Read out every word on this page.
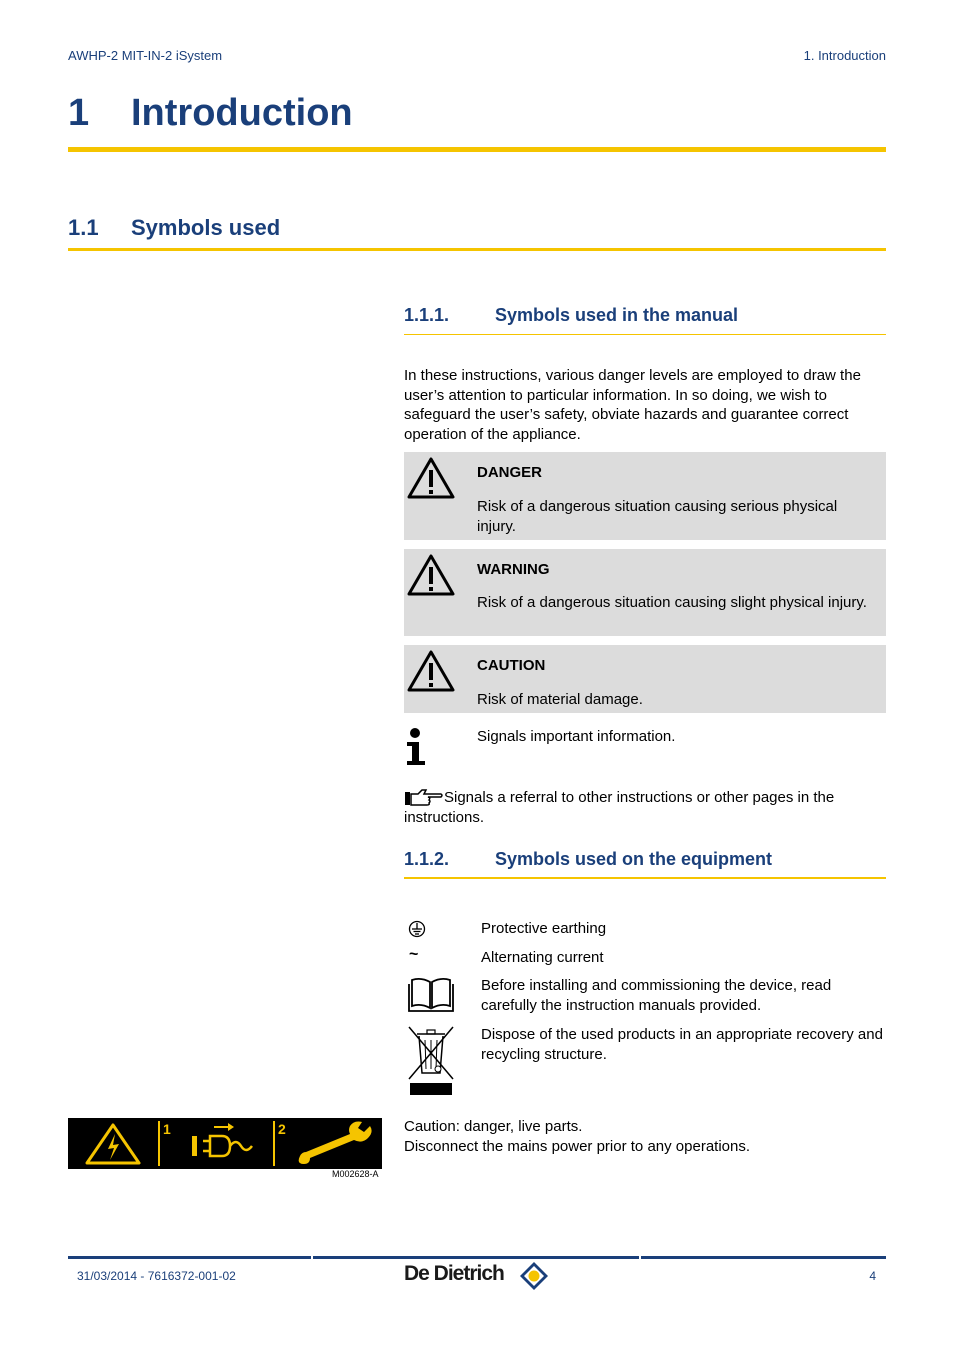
AWHP-2 MIT-IN-2 iSystem	1. Introduction
1 Introduction
1.1 Symbols used
1.1.1.	Symbols used in the manual
In these instructions, various danger levels are employed to draw the user’s attention to particular information. In so doing, we wish to safeguard the user’s safety, obviate hazards and guarantee correct operation of the appliance.
DANGER
Risk of a dangerous situation causing serious physical injury.
WARNING
Risk of a dangerous situation causing slight physical injury.
CAUTION
Risk of material damage.
Signals important information.
Signals a referral to other instructions or other pages in the instructions.
1.1.2.	Symbols used on the equipment
Protective earthing
~	Alternating current
Before installing and commissioning the device, read carefully the instruction manuals provided.
Dispose of the used products in an appropriate recovery and recycling structure.
1	2
M002628-A
Caution: danger, live parts.
Disconnect the mains power prior to any operations.
31/03/2014 - 7616372-001-02	De Dietrich	4
